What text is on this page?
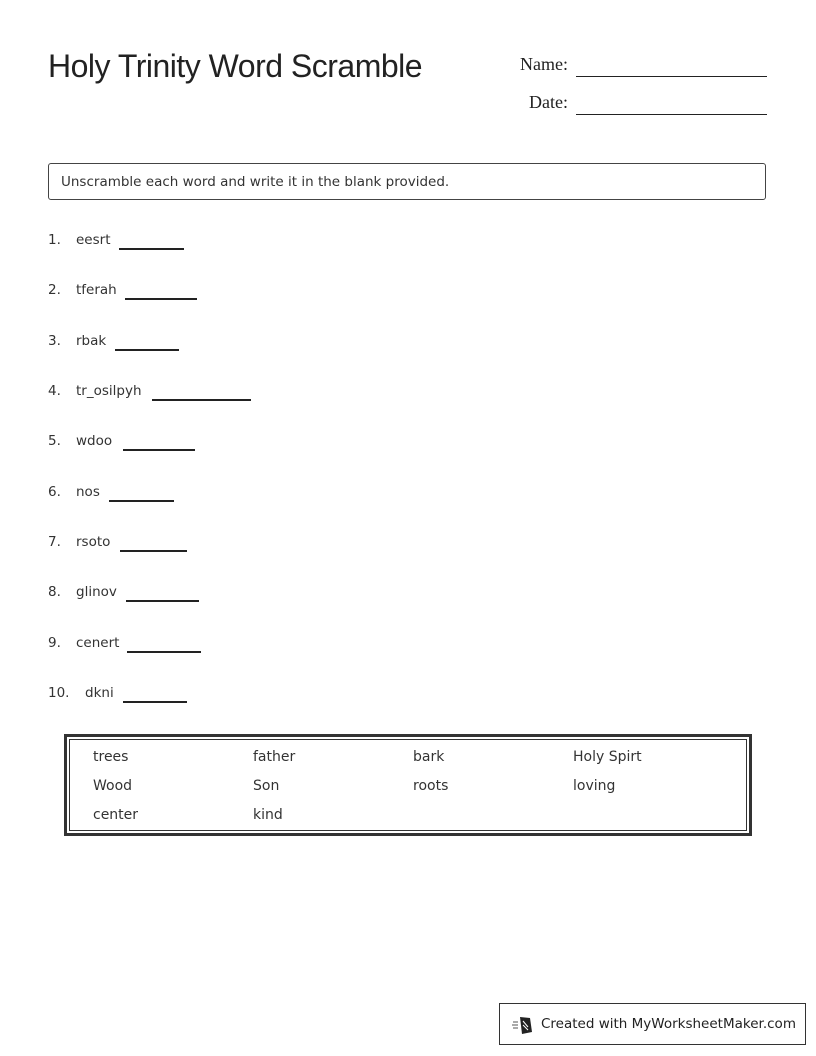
Holy Trinity Word Scramble	Name:
Date:
Unscramble each word and write it in the blank provided.
1. eesrt
2. tferah
3. rbak
4. tr_osilpyh
5. wdoo
6. nos
7. rsoto
8. glinov
9. cenert
10. dkni
trees	father	bark	Holy Spirt
Wood	Son	roots	loving
center	kind
Created with MyWorksheetMaker.com
